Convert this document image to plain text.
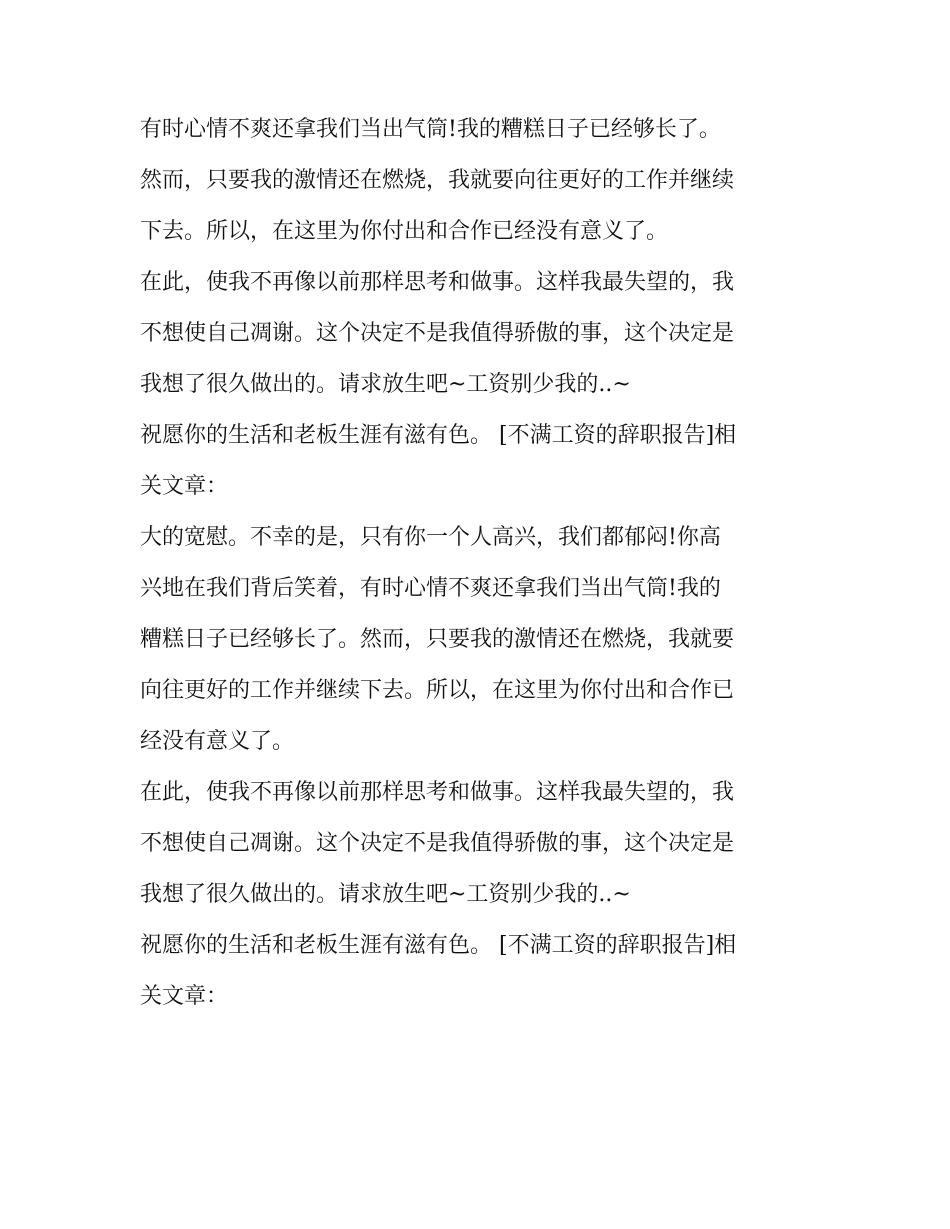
有时心情不爽还拿我们当出气筒!我的糟糕日子已经够长了。
然而，只要我的激情还在燃烧，我就要向往更好的工作并继续
下去。所以，在这里为你付出和合作已经没有意义了。
在此，使我不再像以前那样思考和做事。这样我最失望的，我
不想使自己凋谢。这个决定不是我值得骄傲的事，这个决定是
我想了很久做出的。请求放生吧~工资别少我的..~
祝愿你的生活和老板生涯有滋有色。 [不满工资的辞职报告]相
关文章：
大的宽慰。不幸的是，只有你一个人高兴，我们都郁闷!你高
兴地在我们背后笑着，有时心情不爽还拿我们当出气筒!我的
糟糕日子已经够长了。然而，只要我的激情还在燃烧，我就要
向往更好的工作并继续下去。所以，在这里为你付出和合作已
经没有意义了。
在此，使我不再像以前那样思考和做事。这样我最失望的，我
不想使自己凋谢。这个决定不是我值得骄傲的事，这个决定是
我想了很久做出的。请求放生吧~工资别少我的..~
祝愿你的生活和老板生涯有滋有色。 [不满工资的辞职报告]相
关文章：
